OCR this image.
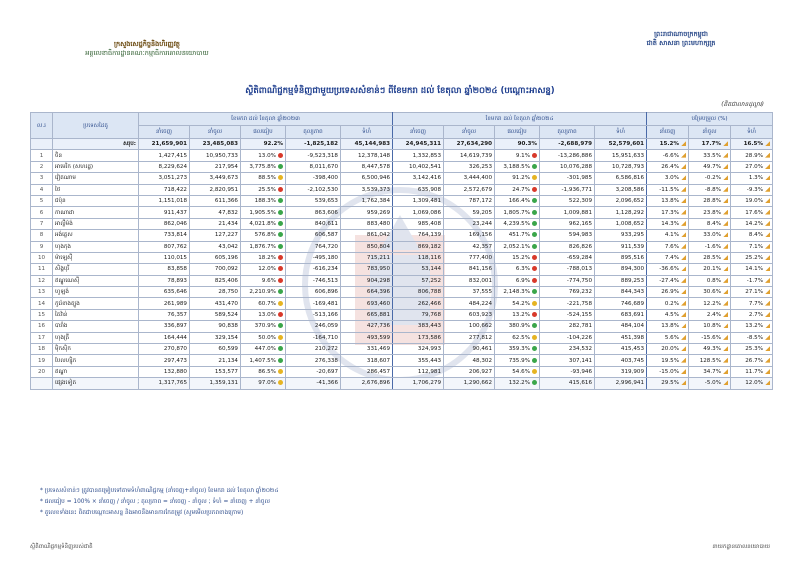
ក្រសួងសេដ្ឋកិច្ចនិងហិរញ្ញវត្ថុ
អគ្គលេខាធិការដ្ឋានគណៈកម្មាធិការគោលនយោបាយ
ព្រះរាជាណាចក្រកម្ពុជា
ជាតិ សាសនា ព្រះមហាក្សត្រ
ស្ថិតិពាណិជ្ជកម្មទំនិញជាមួយប្រទេសសំខាន់ៗ ពីខែមករា ដល់ ខែតុលា ឆ្នាំ២០២៤ (បណ្ដោះអាសន្ន)
(គិតជាលានដុល្លារ)
ល.រ	ប្រទេសដៃគូ	ខែមករា ដល់ ខែតុលា ឆ្នាំ២០២៣					ខែមករា ដល់ ខែតុលា ឆ្នាំ២០២៤					បម្រែបម្រួល (%)		
		នាំចេញ	នាំចូល	ផលធៀប	តុល្យភាព	ទំហំ	នាំចេញ	នាំចូល	ផលធៀប	តុល្យភាព	ទំហំ	នាំចេញ	នាំចូល	ទំហំ
	សរុប:	21,659,901	23,485,083	92.2%	-1,825,182	45,144,983	24,945,311	27,634,290	90.3%	-2,688,979	52,579,601	15.2%	17.7%	16.5%
1	ចិន	1,427,415	10,950,733	13.0%	-9,523,318	12,378,148	1,332,853	14,619,739	9.1%	-13,286,886	15,951,633	-6.6%	33.5%	28.9%
2	អាមេរិក (សហរដ្ឋ)	8,229,624	217,954	3,775.8%	8,011,670	8,447,578	10,402,541	326,253	3,188.5%	10,076,288	10,728,793	26.4%	49.7%	27.0%
3	វៀតណាម	3,051,273	3,449,673	88.5%	-398,400	6,500,946	3,142,416	3,444,400	91.2%	-301,985	6,586,816	3.0%	-0.2%	1.3%
4	ថៃ	718,422	2,820,951	25.5%	-2,102,530	3,539,373	635,908	2,572,679	24.7%	-1,936,771	3,208,586	-11.5%	-8.8%	-9.3%
5	ជប៉ុន	1,151,018	611,366	188.3%	539,653	1,762,384	1,309,481	787,172	166.4%	522,309	2,096,652	13.8%	28.8%	19.0%
6	កាណាដា	911,437	47,832	1,905.5%	863,606	959,269	1,069,086	59,205	1,805.7%	1,009,881	1,128,292	17.3%	23.8%	17.6%
7	អាល្លឺម៉ង់	862,046	21,434	4,021.8%	840,611	883,480	985,408	23,244	4,239.5%	962,165	1,008,652	14.3%	8.4%	14.2%
8	អង់គ្លេស	733,814	127,227	576.8%	606,587	861,042	764,139	169,156	451.7%	594,983	933,295	4.1%	33.0%	8.4%
9	ហុងកុង	807,762	43,042	1,876.7%	764,720	850,804	869,182	42,357	2,052.1%	826,826	911,539	7.6%	-1.6%	7.1%
10	ម៉ាឡេស៊ី	110,015	605,196	18.2%	-495,180	715,211	118,116	777,400	15.2%	-659,284	895,516	7.4%	28.5%	25.2%
11	សិង្ហបុរី	83,858	700,092	12.0%	-616,234	783,950	53,144	841,156	6.3%	-788,013	894,300	-36.6%	20.1%	14.1%
12	ឥណ្ឌូណេស៊ី	78,893	825,406	9.6%	-746,513	904,298	57,252	832,001	6.9%	-774,750	889,253	-27.4%	0.8%	-1.7%
13	ហូឡង់	635,646	28,750	2,210.9%	606,896	664,396	806,788	37,555	2,148.3%	769,232	844,343	26.9%	30.6%	27.1%
14	កូរ៉េខាងត្បូង	261,989	431,470	60.7%	-169,481	693,460	262,466	484,224	54.2%	-221,758	746,689	0.2%	12.2%	7.7%
15	តៃវ៉ាន់	76,357	589,524	13.0%	-513,166	665,881	79,768	603,923	13.2%	-524,155	683,691	4.5%	2.4%	2.7%
16	បារាំង	336,897	90,838	370.9%	246,059	427,736	383,443	100,662	380.9%	282,781	484,104	13.8%	10.8%	13.2%
17	ហុងគ្រី	164,444	329,154	50.0%	-164,710	493,599	173,586	277,812	62.5%	-104,226	451,398	5.6%	-15.6%	-8.5%
18	ម៉ិកស៊ិក	270,870	60,599	447.0%	210,272	331,469	324,993	90,461	359.3%	234,532	415,453	20.0%	49.3%	25.3%
19	បែលហ្ស៊ិក	297,473	21,134	1,407.5%	276,338	318,607	355,443	48,302	735.9%	307,141	403,745	19.5%	128.5%	26.7%
20	ឥណ្ឌា	132,880	153,577	86.5%	-20,697	286,457	112,981	206,927	54.6%	-93,946	319,909	-15.0%	34.7%	11.7%
	ផ្សេងទៀត	1,317,765	1,359,131	97.0%	-41,366	2,676,896	1,706,279	1,290,662	132.2%	415,616	2,996,941	29.5%	-5.0%	12.0%
* ប្រទេសសំខាន់ៗ ត្រូវបានតម្រៀបទៅតាមទំហំពាណិជ្ជកម្ម (នាំចេញ+នាំចូល) ខែមករា ដល់ ខែតុលា ឆ្នាំ២០២៤
* ផលធៀប = 100% × នាំចេញ / នាំចូល ; តុល្យភាព = នាំចេញ - នាំចូល ; ទំហំ = នាំចេញ + នាំចូល
* តួលេខទាំងនេះ ពិតជាបណ្ដោះអាសន្ន និងអាចនឹងមានការកែតម្រូវ (សូមមើលប្រភពខាងក្រោម)
ស្ថិតិពាណិជ្ជកម្មទំនិញរបស់ជាតិ	នាយកដ្ឋានគោលនយោបាយ
